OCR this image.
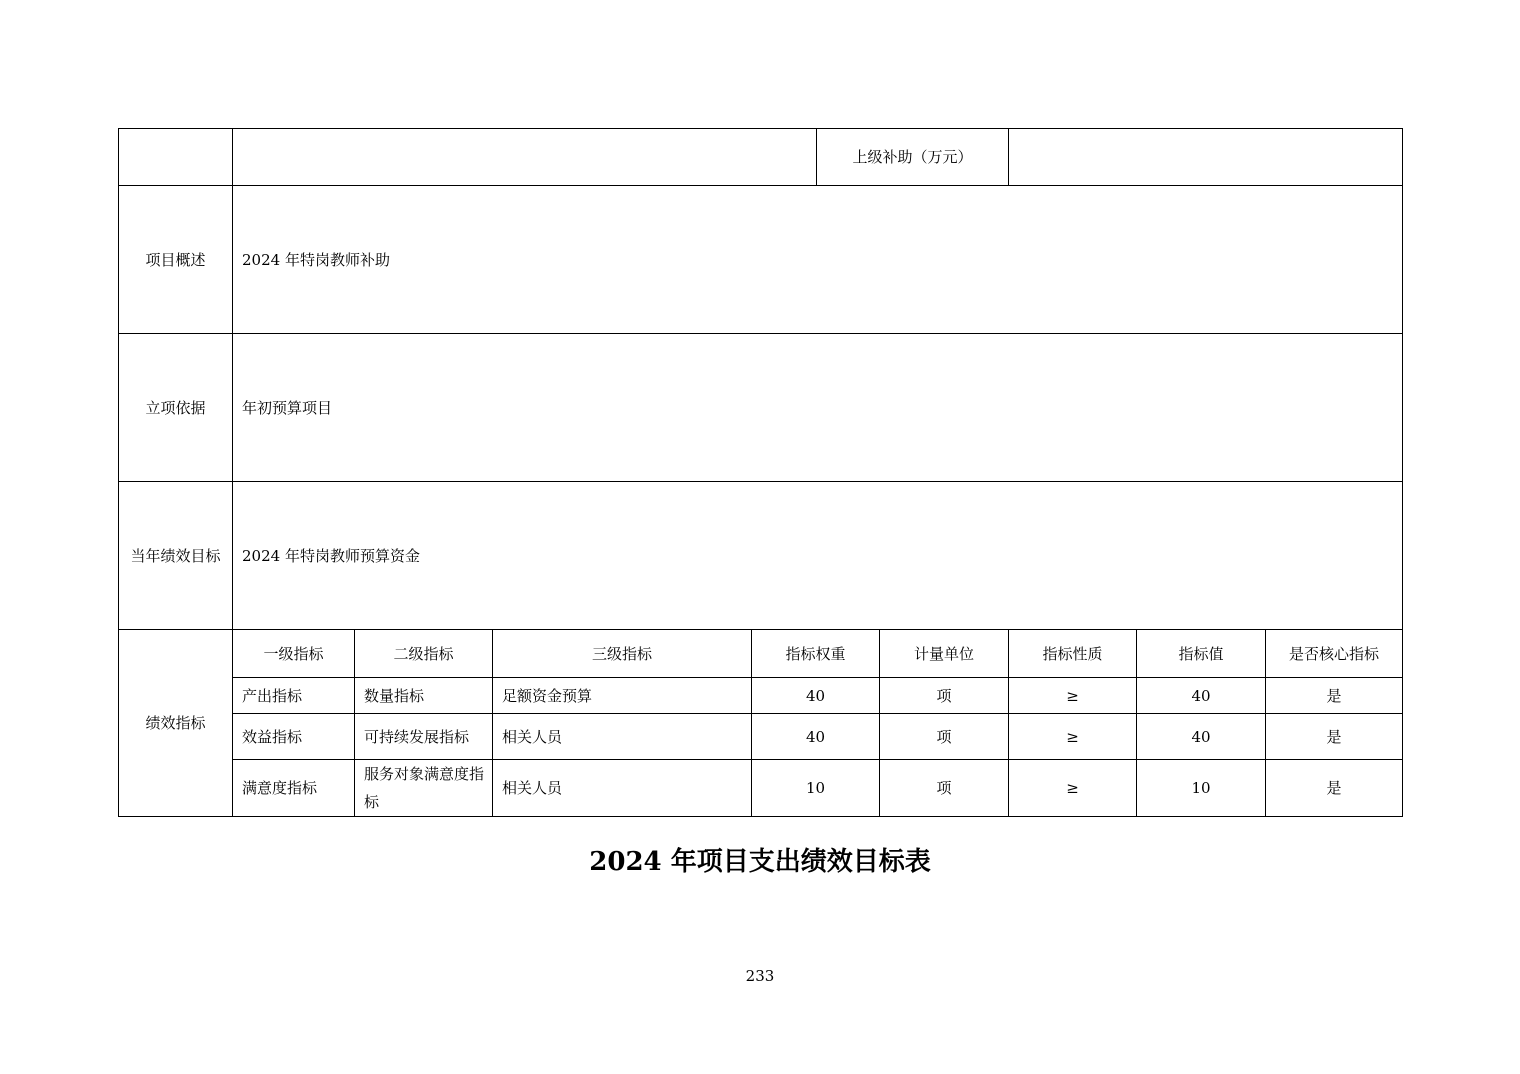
					上级补助（万元）				
项目概述	2024 年特岗教师补助								
立项依据	年初预算项目								
当年绩效目标	2024 年特岗教师预算资金								
绩效指标	一级指标	二级指标	三级指标	指标权重		计量单位	指标性质	指标值	是否核心指标
	产出指标	数量指标	足额资金预算	40		项	≥	40	是
	效益指标	可持续发展指标	相关人员	40		项	≥	40	是
	满意度指标	服务对象满意度指标	相关人员	10		项	≥	10	是
2024 年项目支出绩效目标表
233
